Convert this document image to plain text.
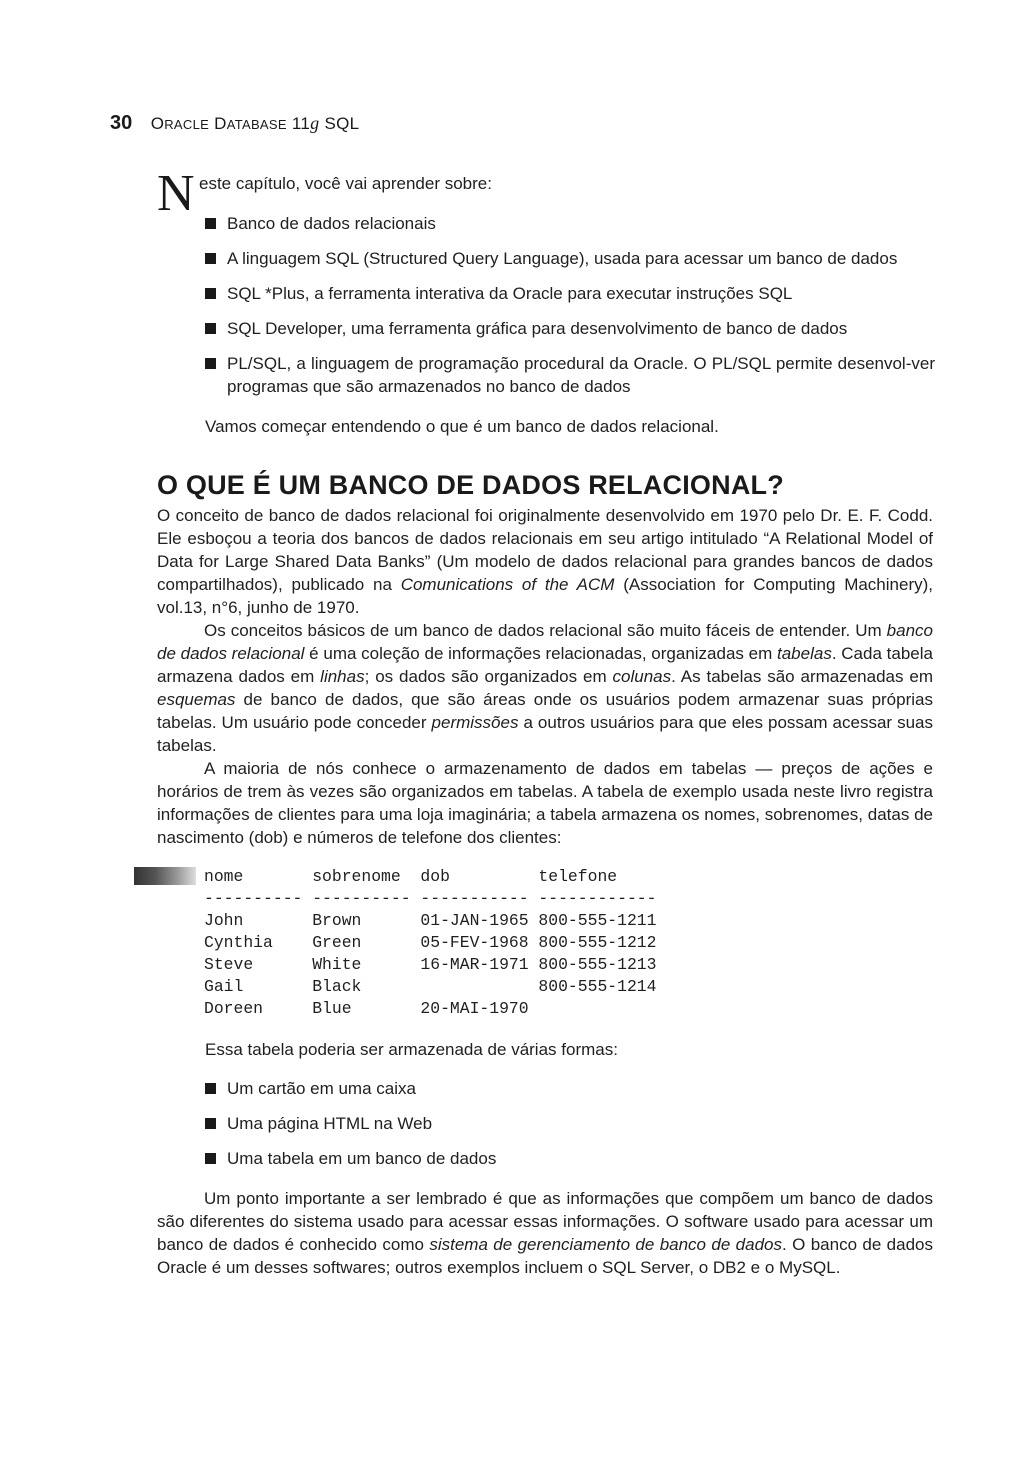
30 ORACLE DATABASE 11g SQL
N este capítulo, você vai aprender sobre:
Banco de dados relacionais
A linguagem SQL (Structured Query Language), usada para acessar um banco de dados
SQL *Plus, a ferramenta interativa da Oracle para executar instruções SQL
SQL Developer, uma ferramenta gráfica para desenvolvimento de banco de dados
PL/SQL, a linguagem de programação procedural da Oracle. O PL/SQL permite desenvol-ver programas que são armazenados no banco de dados
Vamos começar entendendo o que é um banco de dados relacional.
O QUE É UM BANCO DE DADOS RELACIONAL?

O conceito de banco de dados relacional foi originalmente desenvolvido em 1970 pelo Dr. E. F. Codd. Ele esboçou a teoria dos bancos de dados relacionais em seu artigo intitulado “A Relational Model of Data for Large Shared Data Banks” (Um modelo de dados relacional para grandes bancos de dados compartilhados), publicado na Comunications of the ACM (Association for Computing Machinery), vol.13, n°6, junho de 1970.

Os conceitos básicos de um banco de dados relacional são muito fáceis de entender. Um banco de dados relacional é uma coleção de informações relacionadas, organizadas em tabelas. Cada tabela armazena dados em linhas; os dados são organizados em colunas. As tabelas são armazenadas em esquemas de banco de dados, que são áreas onde os usuários podem armazenar suas próprias tabelas. Um usuário pode conceder permissões a outros usuários para que eles possam acessar suas tabelas.

A maioria de nós conhece o armazenamento de dados em tabelas — preços de ações e horários de trem às vezes são organizados em tabelas. A tabela de exemplo usada neste livro registra informações de clientes para uma loja imaginária; a tabela armazena os nomes, sobrenomes, datas de nascimento (dob) e números de telefone dos clientes:

nome       sobrenome  dob         telefone
---------- ---------- ----------- ------------
John       Brown      01-JAN-1965 800-555-1211
Cynthia    Green      05-FEV-1968 800-555-1212
Steve      White      16-MAR-1971 800-555-1213
Gail       Black                  800-555-1214
Doreen     Blue       20-MAI-1970
Essa tabela poderia ser armazenada de várias formas:
Um cartão em uma caixa
Uma página HTML na Web
Uma tabela em um banco de dados

Um ponto importante a ser lembrado é que as informações que compõem um banco de dados são diferentes do sistema usado para acessar essas informações. O software usado para acessar um banco de dados é conhecido como sistema de gerenciamento de banco de dados. O banco de dados Oracle é um desses softwares; outros exemplos incluem o SQL Server, o DB2 e o MySQL.
